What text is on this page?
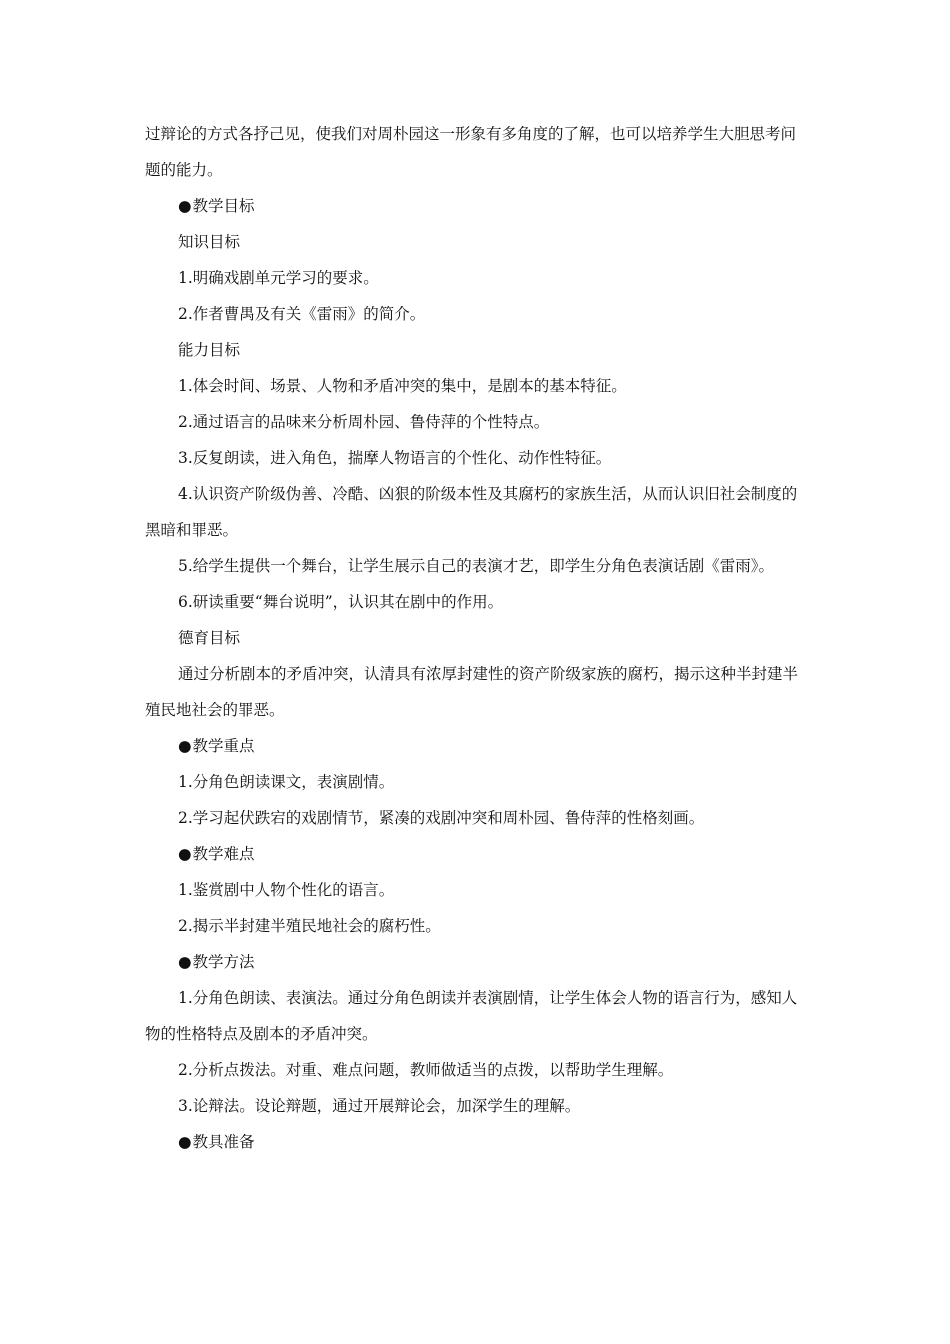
过辩论的方式各抒己见，使我们对周朴园这一形象有多角度的了解，也可以培养学生大胆思考问题的能力。

●教学目标

知识目标

1.明确戏剧单元学习的要求。

2.作者曹禺及有关《雷雨》的简介。

能力目标

1.体会时间、场景、人物和矛盾冲突的集中，是剧本的基本特征。

2.通过语言的品味来分析周朴园、鲁侍萍的个性特点。

3.反复朗读，进入角色，揣摩人物语言的个性化、动作性特征。

4.认识资产阶级伪善、冷酷、凶狠的阶级本性及其腐朽的家族生活，从而认识旧社会制度的黑暗和罪恶。

5.给学生提供一个舞台，让学生展示自己的表演才艺，即学生分角色表演话剧《雷雨》。

6.研读重要“舞台说明”，认识其在剧中的作用。

德育目标

通过分析剧本的矛盾冲突，认清具有浓厚封建性的资产阶级家族的腐朽，揭示这种半封建半殖民地社会的罪恶。

●教学重点

1.分角色朗读课文，表演剧情。

2.学习起伏跌宕的戏剧情节，紧凑的戏剧冲突和周朴园、鲁侍萍的性格刻画。

●教学难点

1.鉴赏剧中人物个性化的语言。

2.揭示半封建半殖民地社会的腐朽性。

●教学方法

1.分角色朗读、表演法。通过分角色朗读并表演剧情，让学生体会人物的语言行为，感知人物的性格特点及剧本的矛盾冲突。

2.分析点拨法。对重、难点问题，教师做适当的点拨，以帮助学生理解。

3.论辩法。设论辩题，通过开展辩论会，加深学生的理解。

●教具准备
